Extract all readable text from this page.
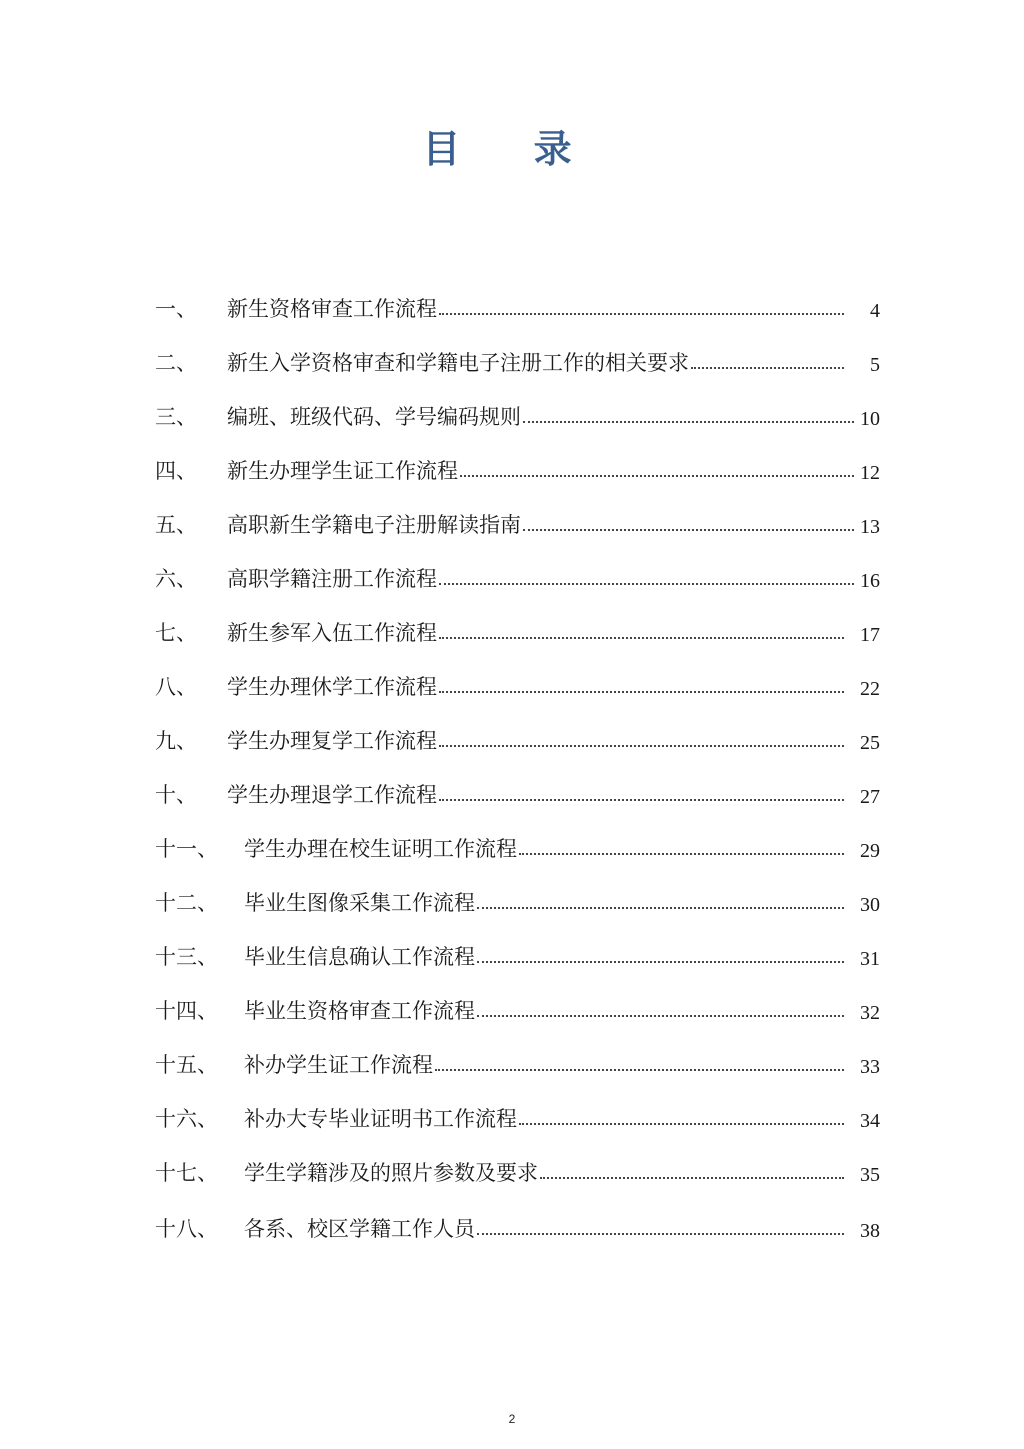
目 录
一、	新生资格审查工作流程	4
二、	新生入学资格审查和学籍电子注册工作的相关要求	5
三、	编班、班级代码、学号编码规则	10
四、	新生办理学生证工作流程	12
五、	高职新生学籍电子注册解读指南	13
六、	高职学籍注册工作流程	16
七、	新生参军入伍工作流程	17
八、	学生办理休学工作流程	22
九、	学生办理复学工作流程	25
十、	学生办理退学工作流程	27
十一、	学生办理在校生证明工作流程	29
十二、	毕业生图像采集工作流程	30
十三、	毕业生信息确认工作流程	31
十四、	毕业生资格审查工作流程	32
十五、	补办学生证工作流程	33
十六、	补办大专毕业证明书工作流程	34
十七、	学生学籍涉及的照片参数及要求	35
十八、	各系、校区学籍工作人员	38
2
